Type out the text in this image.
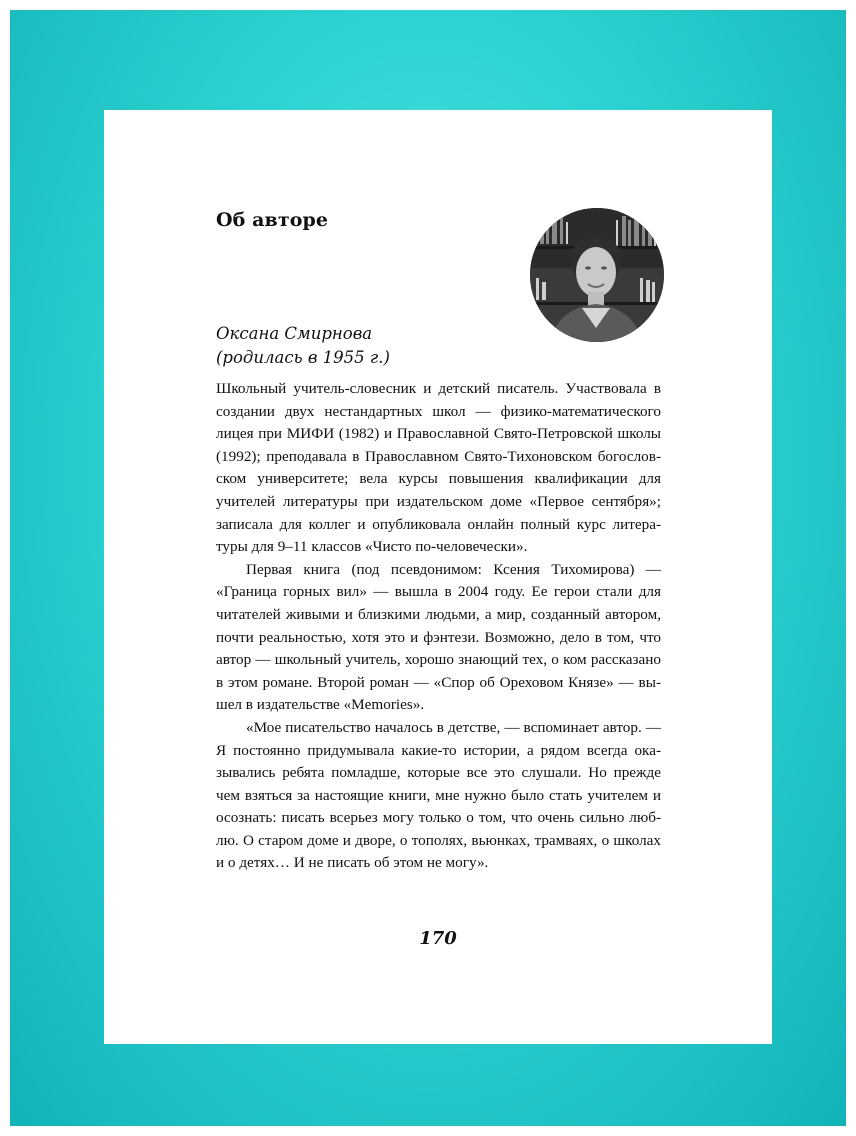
Об авторе

Оксана Смирнова
(родилась в 1955 г.)

Школьный учитель-словесник и детский писатель. Участвовала в создании двух нестандартных школ — физико-математического лицея при МИФИ (1982) и Православной Свято-Петровской школы (1992); преподавала в Православном Свято-Тихоновском богословском университете; вела курсы повышения квалификации для учителей литературы при издательском доме «Первое сентября»; записала для коллег и опубликовала онлайн полный курс литературы для 9–11 классов «Чисто по-человечески».

Первая книга (под псевдонимом: Ксения Тихомирова) — «Граница горных вил» — вышла в 2004 году. Ее герои стали для читателей живыми и близкими людьми, а мир, созданный автором, почти реальностью, хотя это и фэнтези. Возможно, дело в том, что автор — школьный учитель, хорошо знающий тех, о ком рассказано в этом романе. Второй роман — «Спор об Ореховом Князе» — вышел в издательстве «Memories».

«Мое писательство началось в детстве, — вспоминает автор. — Я постоянно придумывала какие-то истории, а рядом всегда оказывались ребята помладше, которые все это слушали. Но прежде чем взяться за настоящие книги, мне нужно было стать учителем и осознать: писать всерьез могу только о том, что очень сильно люблю. О старом доме и дворе, о тополях, вьюнках, трамваях, о школах и о детях… И не писать об этом не могу».

170
